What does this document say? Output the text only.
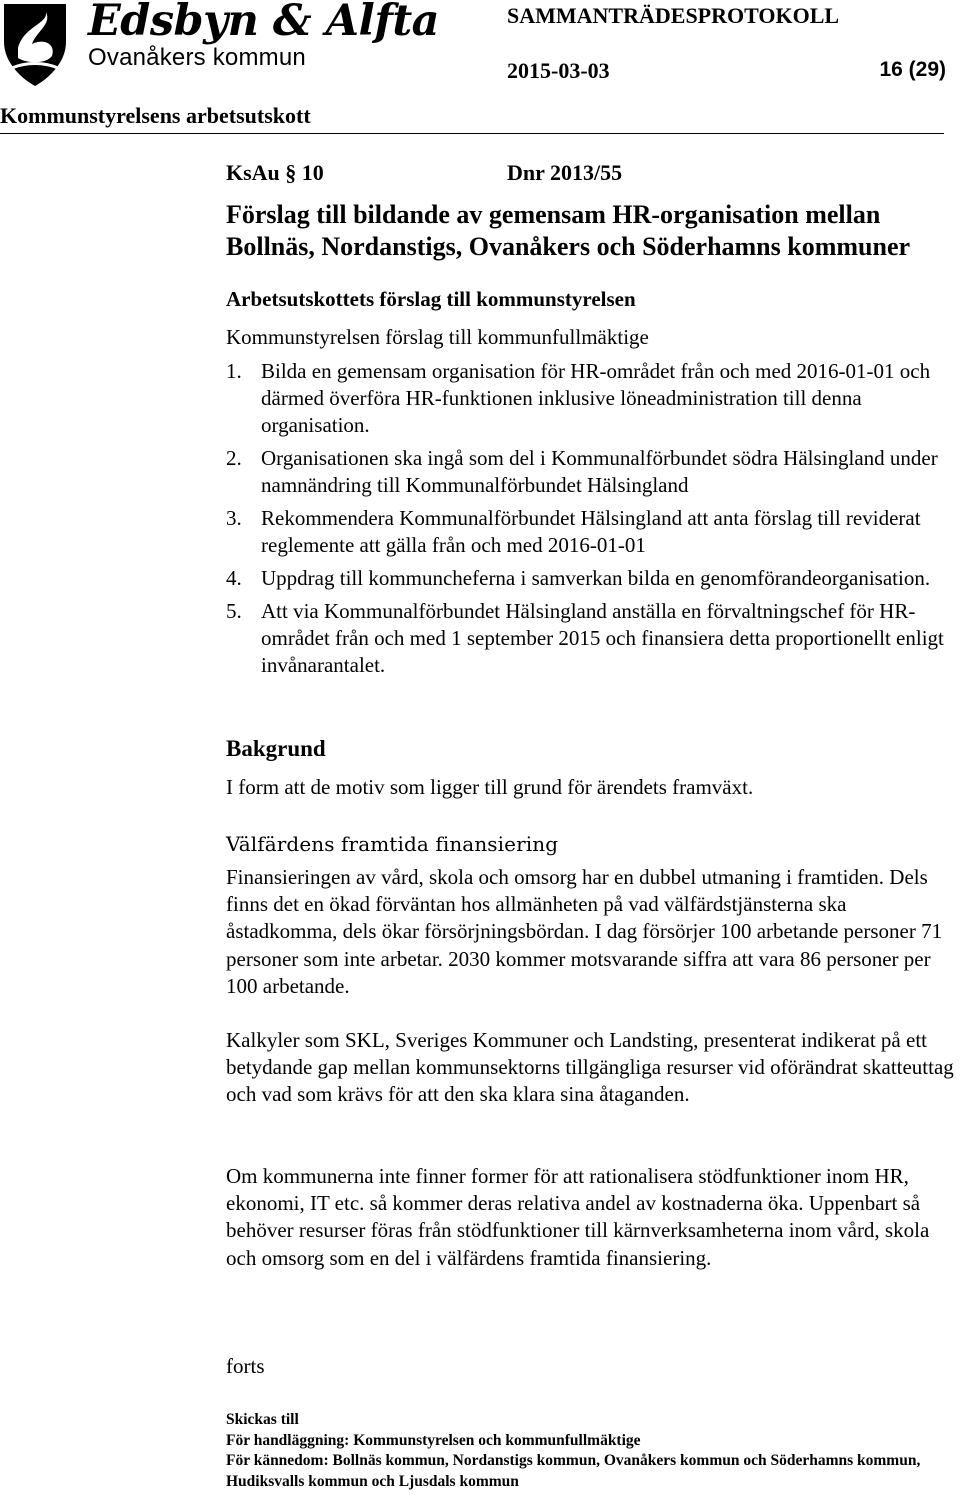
Edsbyn & Alfta
Ovanåkers kommun
SAMMANTRÄDESPROTOKOLL
2015-03-03	16 (29)
Kommunstyrelsens arbetsutskott
KsAu § 10	Dnr 2013/55
Förslag till bildande av gemensam HR-organisation mellan Bollnäs, Nordanstigs, Ovanåkers och Söderhamns kommuner
Arbetsutskottets förslag till kommunstyrelsen
Kommunstyrelsen förslag till kommunfullmäktige
1. Bilda en gemensam organisation för HR-området från och med 2016-01-01 och därmed överföra HR-funktionen inklusive löneadministration till denna organisation.
2. Organisationen ska ingå som del i Kommunalförbundet södra Hälsingland under namnändring till Kommunalförbundet Hälsingland
3. Rekommendera Kommunalförbundet Hälsingland att anta förslag till reviderat reglemente att gälla från och med 2016-01-01
4. Uppdrag till kommuncheferna i samverkan bilda en genomförandeorganisation.
5. Att via Kommunalförbundet Hälsingland anställa en förvaltningschef för HR-området från och med 1 september 2015 och finansiera detta proportionellt enligt invånarantalet.
Bakgrund

I form att de motiv som ligger till grund för ärendets framväxt.

Välfärdens framtida finansiering

Finansieringen av vård, skola och omsorg har en dubbel utmaning i framtiden. Dels finns det en ökad förväntan hos allmänheten på vad välfärdstjänsterna ska åstadkomma, dels ökar försörjningsbördan. I dag försörjer 100 arbetande personer 71 personer som inte arbetar. 2030 kommer motsvarande siffra att vara 86 personer per 100 arbetande.

Kalkyler som SKL, Sveriges Kommuner och Landsting, presenterat indikerat på ett betydande gap mellan kommunsektorns tillgängliga resurser vid oförändrat skatteuttag och vad som krävs för att den ska klara sina åtaganden.

Om kommunerna inte finner former för att rationalisera stödfunktioner inom HR, ekonomi, IT etc. så kommer deras relativa andel av kostnaderna öka. Uppenbart så behöver resurser föras från stödfunktioner till kärnverksamheterna inom vård, skola och omsorg som en del i välfärdens framtida finansiering.

forts
Skickas till
För handläggning: Kommunstyrelsen och kommunfullmäktige
För kännedom: Bollnäs kommun, Nordanstigs kommun, Ovanåkers kommun och Söderhamns kommun, Hudiksvalls kommun och Ljusdals kommun
